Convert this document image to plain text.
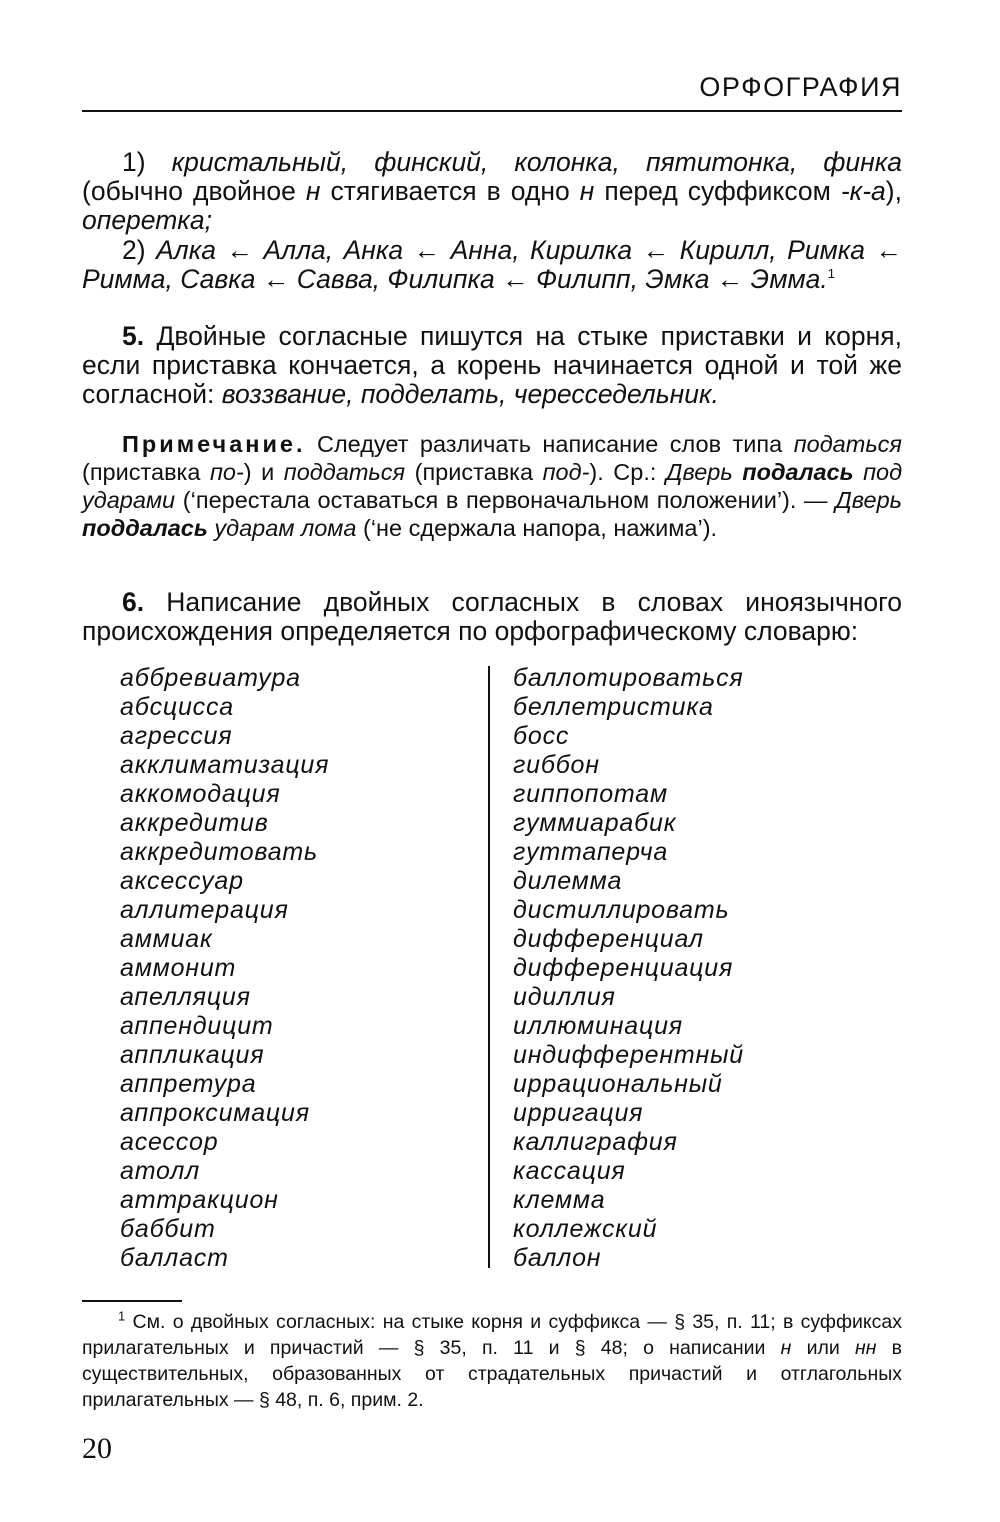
ОРФОГРАФИЯ
1) кристальный, финский, колонка, пятитонка, финка (обычно двойное н стягивается в одно н перед суффиксом -к-а), оперетка;
2) Алка ← Алла, Анка ← Анна, Кирилка ← Кирилл, Римка ← Римма, Савка ← Савва, Филипка ← Филипп, Эмка ← Эмма.$^1$
5. Двойные согласные пишутся на стыке приставки и корня, если приставка кончается, а корень начинается одной и той же согласной: воззвание, подделать, чересседельник.
Примечание. Следует различать написание слов типа податься (приставка по-) и поддаться (приставка под-). Ср.: Дверь подалась под ударами (‘перестала оставаться в первоначальном положении’). — Дверь поддалась ударам лома (‘не сдержала напора, нажима’).
6. Написание двойных согласных в словах иноязычного происхождения определяется по орфографическому словарю:
аббревиатура
абсцисса
агрессия
акклиматизация
аккомодация
аккредитив
аккредитовать
аксессуар
аллитерация
аммиак
аммонит
апелляция
аппендицит
аппликация
аппретура
аппроксимация
асессор
атолл
аттракцион
баббит
балласт
баллотироваться
беллетристика
босс
гиббон
гиппопотам
гуммиарабик
гуттаперча
дилемма
дистиллировать
дифференциал
дифференциация
идиллия
иллюминация
индифферентный
иррациональный
ирригация
каллиграфия
кассация
клемма
коллежский
баллон
$^1$ См. о двойных согласных: на стыке корня и суффикса — § 35, п. 11; в суффиксах прилагательных и причастий — § 35, п. 11 и § 48; о написании н или нн в существительных, образованных от страдательных причастий и отглагольных прилагательных — § 48, п. 6, прим. 2.
20
